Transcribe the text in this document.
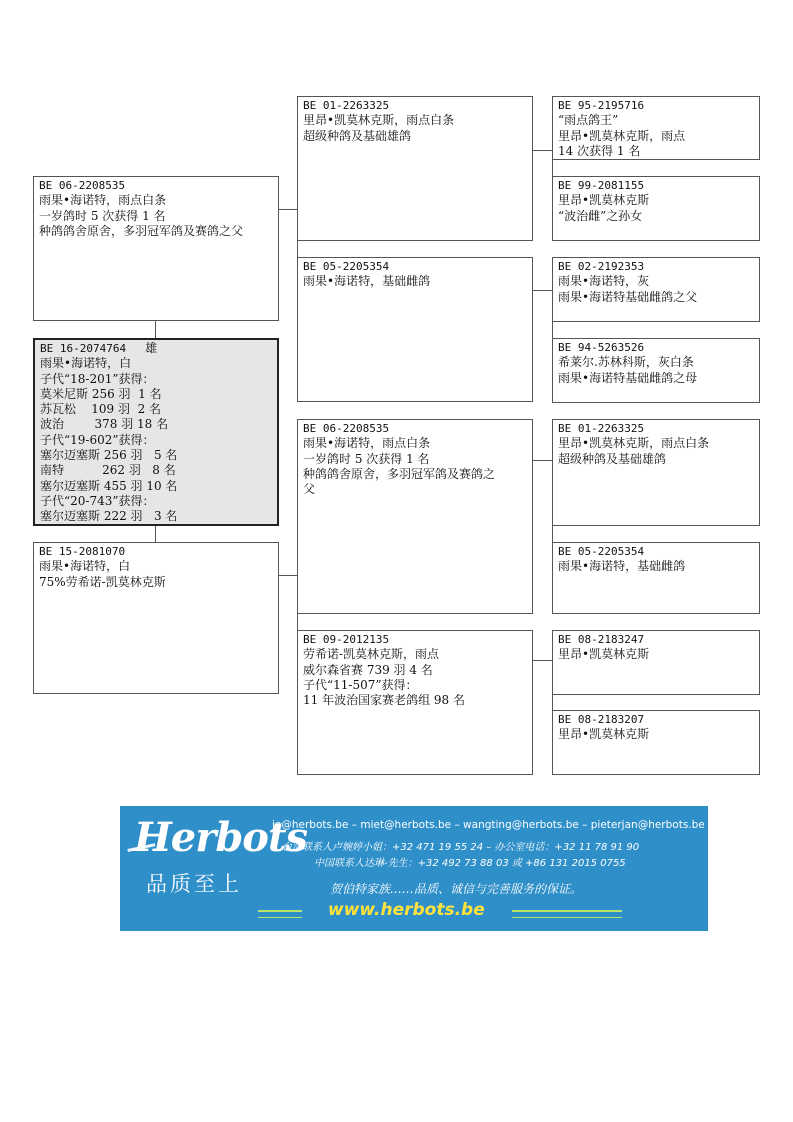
BE 16-2074764 雄
雨果•海诺特，白
子代“18-201”获得：
莫米尼斯 256 羽  1 名
苏瓦松    109 羽  2 名
波治        378 羽 18 名
子代“19-602”获得：
塞尔迈塞斯 256 羽   5 名
南特          262 羽   8 名
塞尔迈塞斯 455 羽 10 名
子代“20-743”获得：
塞尔迈塞斯 222 羽   3 名
BE 06-2208535
雨果•海诺特，雨点白条
一岁鸽时 5 次获得 1 名
种鸽鸽舍原舍，多羽冠军鸽及赛鸽之父
BE 15-2081070
雨果•海诺特，白
75%劳希诺-凯莫林克斯
BE 01-2263325
里昂•凯莫林克斯，雨点白条
超级种鸽及基础雄鸽
BE 05-2205354
雨果•海诺特，基础雌鸽
BE 06-2208535
雨果•海诺特，雨点白条
一岁鸽时 5 次获得 1 名
种鸽鸽舍原舍，多羽冠军鸽及赛鸽之
父
BE 09-2012135
劳希诺-凯莫林克斯，雨点
威尔森省赛 739 羽 4 名
子代“11-507”获得：
11 年波治国家赛老鸽组 98 名
BE 95-2195716
“雨点鸽王”
里昂•凯莫林克斯，雨点
14 次获得 1 名
BE 99-2081155
里昂•凯莫林克斯
“波治雌”之孙女
BE 02-2192353
雨果•海诺特，灰
雨果•海诺特基础雌鸽之父
BE 94-5263526
希莱尔.苏林科斯，灰白条
雨果•海诺特基础雌鸽之母
BE 01-2263325
里昂•凯莫林克斯，雨点白条
超级种鸽及基础雄鸽
BE 05-2205354
雨果•海诺特，基础雌鸽
BE 08-2183247
里昂•凯莫林克斯
BE 08-2183207
里昂•凯莫林克斯
Herbots
品质至上
jo@herbots.be – miet@herbots.be – wangting@herbots.be – pieterjan@herbots.be
台湾联系人卢婉婷小姐：+32 471 19 55 24 – 办公室电话：+32 11 78 91 90
中国联系人达琳-先生：+32 492 73 88 03 或 +86 131 2015 0755
贺伯特家族……品质、诚信与完善服务的保证。
www.herbots.be
